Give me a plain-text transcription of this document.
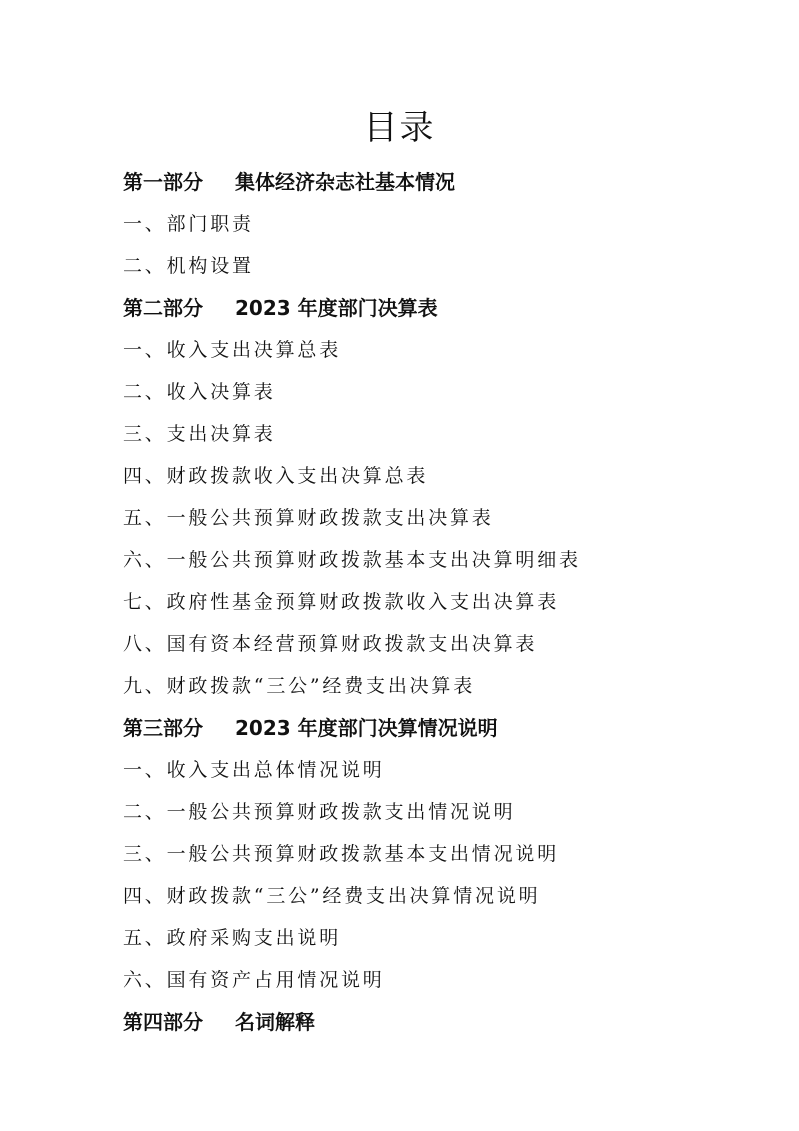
目录
第一部分 集体经济杂志社基本情况
一、部门职责
二、机构设置
第二部分 2023 年度部门决算表
一、收入支出决算总表
二、收入决算表
三、支出决算表
四、财政拨款收入支出决算总表
五、一般公共预算财政拨款支出决算表
六、一般公共预算财政拨款基本支出决算明细表
七、政府性基金预算财政拨款收入支出决算表
八、国有资本经营预算财政拨款支出决算表
九、财政拨款“三公”经费支出决算表
第三部分 2023 年度部门决算情况说明
一、收入支出总体情况说明
二、一般公共预算财政拨款支出情况说明
三、一般公共预算财政拨款基本支出情况说明
四、财政拨款“三公”经费支出决算情况说明
五、政府采购支出说明
六、国有资产占用情况说明
第四部分 名词解释
